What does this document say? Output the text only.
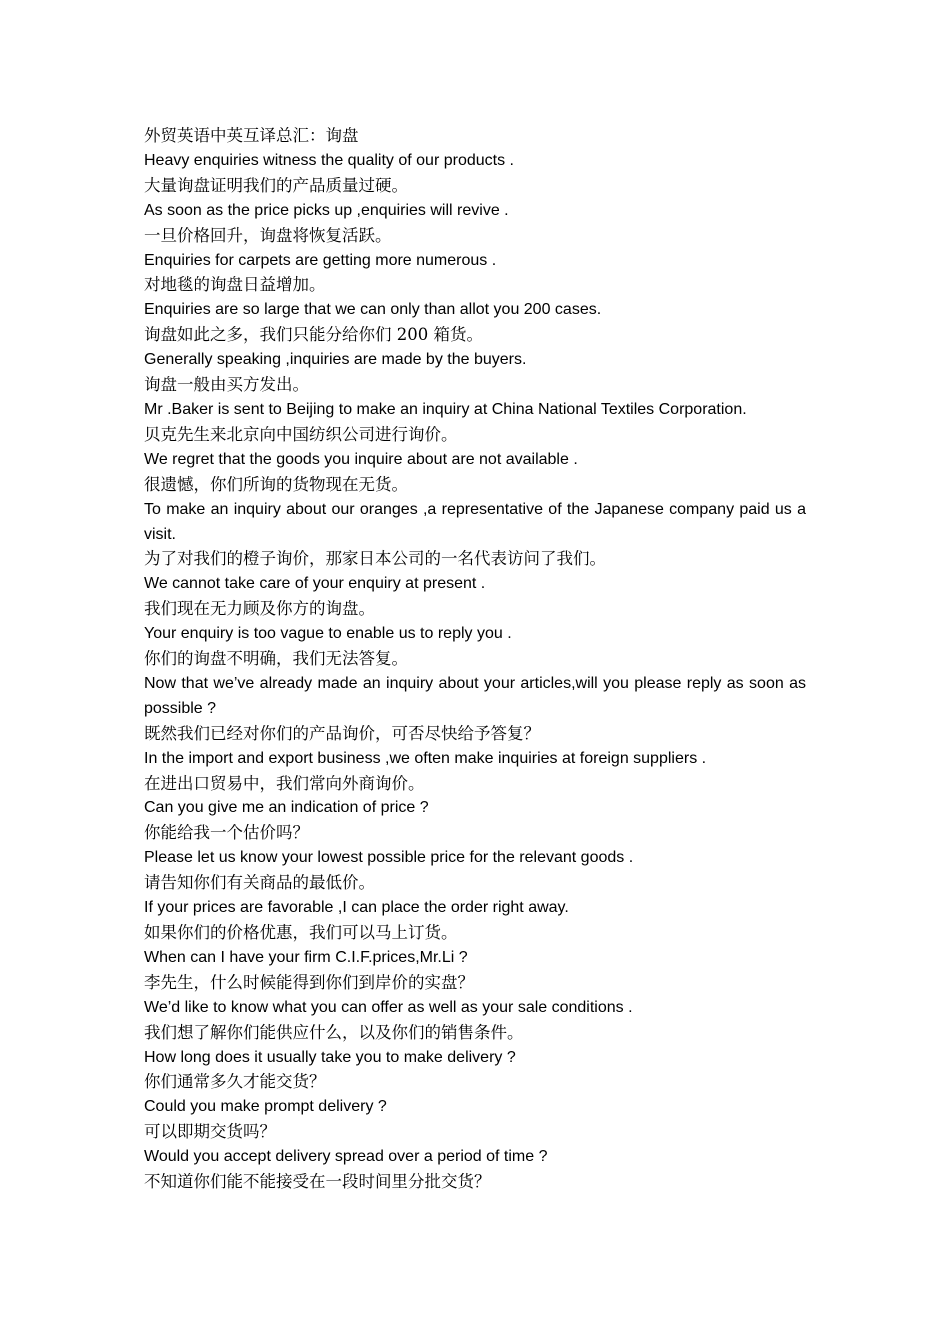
外贸英语中英互译总汇：询盘

Heavy enquiries witness the quality of our products .

大量询盘证明我们的产品质量过硬。

As soon as the price picks up ,enquiries will revive .

一旦价格回升，询盘将恢复活跃。

Enquiries for carpets are getting more numerous .

对地毯的询盘日益增加。

Enquiries are so large that we can only than allot you 200 cases.

询盘如此之多，我们只能分给你们 200 箱货。

Generally speaking ,inquiries are made by the buyers.

询盘一般由买方发出。

Mr .Baker is sent to Beijing to make an inquiry at China National Textiles Corporation.

贝克先生来北京向中国纺织公司进行询价。

We regret that the goods you inquire about are not available .

很遗憾，你们所询的货物现在无货。

To make an inquiry about our oranges ,a representative of the Japanese company paid us a visit.

为了对我们的橙子询价，那家日本公司的一名代表访问了我们。

We cannot take care of your enquiry at present .

我们现在无力顾及你方的询盘。

Your enquiry is too vague to enable us to reply you .

你们的询盘不明确，我们无法答复。

Now that we’ve already made an inquiry about your articles,will you please reply as soon as possible ?

既然我们已经对你们的产品询价，可否尽快给予答复？

In the import and export business ,we often make inquiries at foreign suppliers .

在进出口贸易中，我们常向外商询价。

Can you give me an indication of price ?

你能给我一个估价吗？

Please let us know your lowest possible price for the relevant goods .

请告知你们有关商品的最低价。

If your prices are favorable ,I can place the order right away.

如果你们的价格优惠，我们可以马上订货。

When can I have your firm C.I.F.prices,Mr.Li ?

李先生，什么时候能得到你们到岸价的实盘？

We’d like to know what you can offer as well as your sale conditions .

我们想了解你们能供应什么，以及你们的销售条件。

How long does it usually take you to make delivery ?

你们通常多久才能交货？

Could you make prompt delivery ?

可以即期交货吗？

Would you accept delivery spread over a period of time ?

不知道你们能不能接受在一段时间里分批交货？
